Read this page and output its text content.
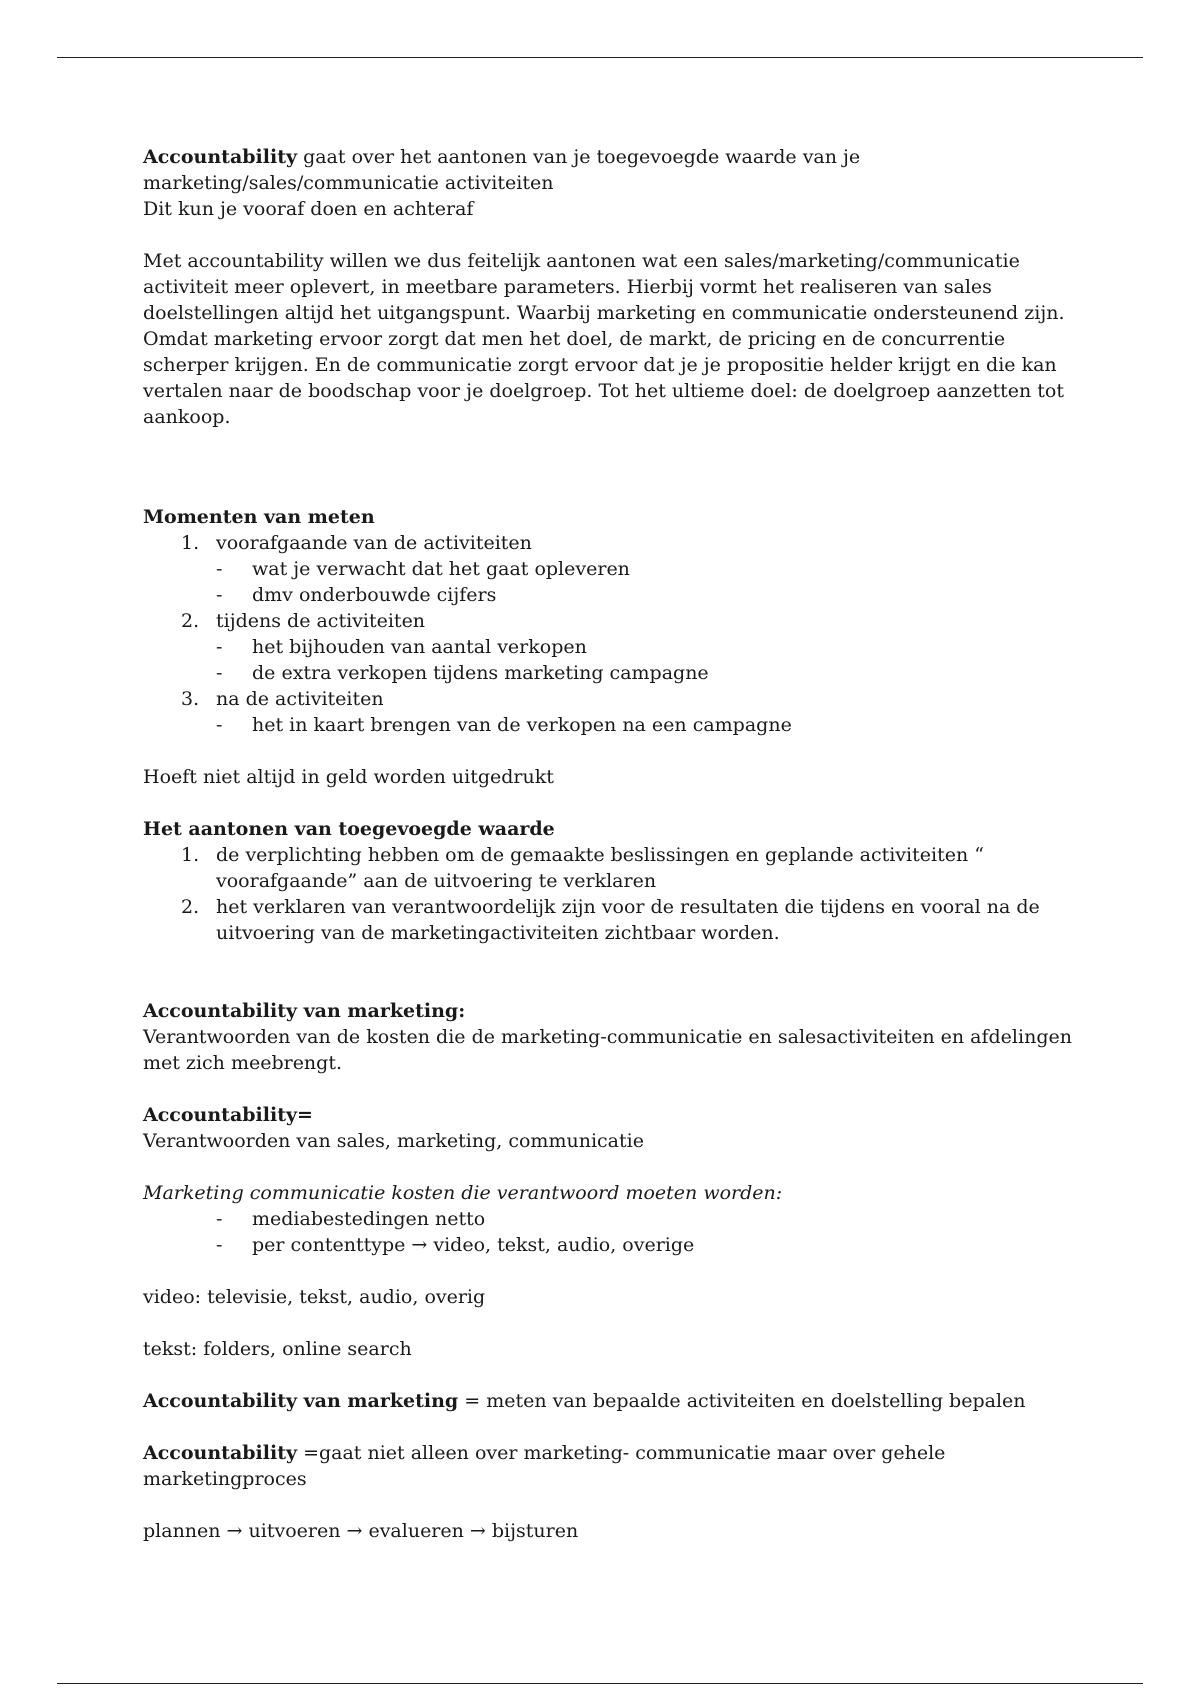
Accountability gaat over het aantonen van je toegevoegde waarde van je

marketing/sales/communicatie activiteiten

Dit kun je vooraf doen en achteraf

Met accountability willen we dus feitelijk aantonen wat een sales/marketing/communicatie

activiteit meer oplevert, in meetbare parameters. Hierbij vormt het realiseren van sales

doelstellingen altijd het uitgangspunt. Waarbij marketing en communicatie ondersteunend zijn.

Omdat marketing ervoor zorgt dat men het doel, de markt, de pricing en de concurrentie

scherper krijgen. En de communicatie zorgt ervoor dat je je propositie helder krijgt en die kan

vertalen naar de boodschap voor je doelgroep. Tot het ultieme doel: de doelgroep aanzetten tot

aankoop.

Momenten van meten

1. voorafgaande van de activiteiten
- wat je verwacht dat het gaat opleveren
- dmv onderbouwde cijfers
2. tijdens de activiteiten
- het bijhouden van aantal verkopen
- de extra verkopen tijdens marketing campagne
3. na de activiteiten
- het in kaart brengen van de verkopen na een campagne

Hoeft niet altijd in geld worden uitgedrukt

Het aantonen van toegevoegde waarde

1. de verplichting hebben om de gemaakte beslissingen en geplande activiteiten “
voorafgaande” aan de uitvoering te verklaren
2. het verklaren van verantwoordelijk zijn voor de resultaten die tijdens en vooral na de
uitvoering van de marketingactiviteiten zichtbaar worden.

Accountability van marketing:

Verantwoorden van de kosten die de marketing-communicatie en salesactiviteiten en afdelingen

met zich meebrengt.

Accountability=

Verantwoorden van sales, marketing, communicatie

Marketing communicatie kosten die verantwoord moeten worden:

- mediabestedingen netto
- per contenttype → video, tekst, audio, overige

video: televisie, tekst, audio, overig

tekst: folders, online search

Accountability van marketing = meten van bepaalde activiteiten en doelstelling bepalen

Accountability =gaat niet alleen over marketing- communicatie maar over gehele

marketingproces

plannen → uitvoeren → evalueren → bijsturen
